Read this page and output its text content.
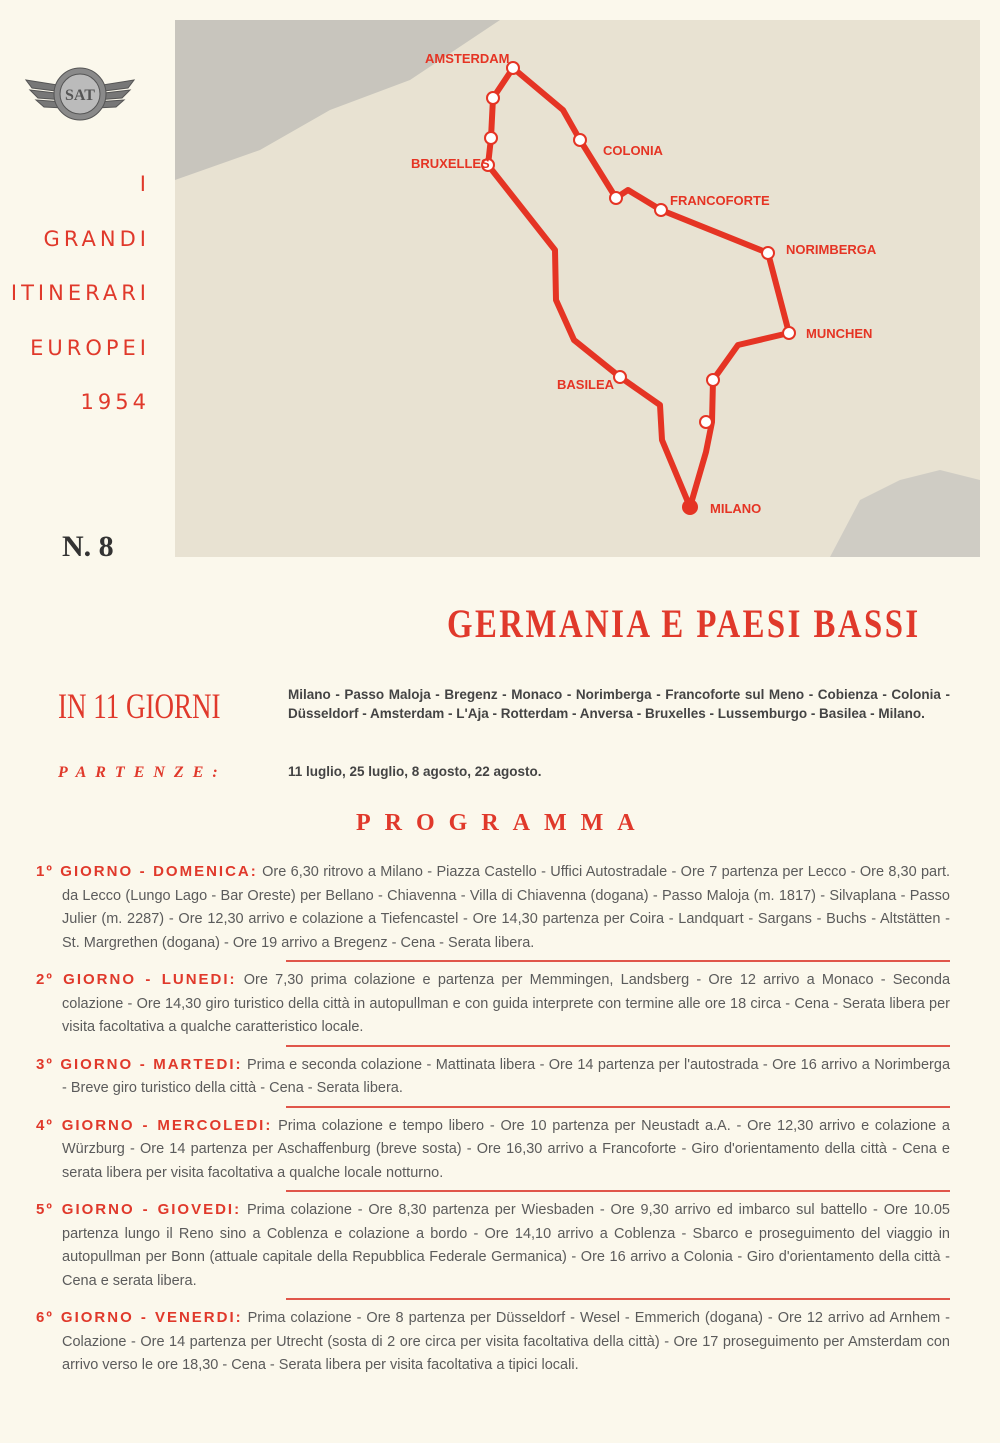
SAT
I
GRANDI
ITINERARI
EUROPEI
1954
N. 8
AMSTERDAM
COLONIA
BRUXELLES
FRANCOFORTE
NORIMBERGA
MUNCHEN
BASILEA
MILANO
GERMANIA E PAESI BASSI
IN 11 GIORNI	Milano - Passo Maloja - Bregenz - Monaco - Norimberga - Francoforte sul Meno - Cobienza - Colonia - Düsseldorf - Amsterdam - L'Aja - Rotterdam - Anversa - Bruxelles - Lussemburgo - Basilea - Milano.
PARTENZE:	11 luglio, 25 luglio, 8 agosto, 22 agosto.
PROGRAMMA
1º GIORNO - DOMENICA: Ore 6,30 ritrovo a Milano - Piazza Castello - Uffici Autostradale - Ore 7 partenza per Lecco - Ore 8,30 part. da Lecco (Lungo Lago - Bar Oreste) per Bellano - Chiavenna - Villa di Chiavenna (dogana) - Passo Maloja (m. 1817) - Silvaplana - Passo Julier (m. 2287) - Ore 12,30 arrivo e colazione a Tiefencastel - Ore 14,30 partenza per Coira - Landquart - Sargans - Buchs - Altstätten - St. Margrethen (dogana) - Ore 19 arrivo a Bregenz - Cena - Serata libera.
2º GIORNO - LUNEDI: Ore 7,30 prima colazione e partenza per Memmingen, Landsberg - Ore 12 arrivo a Monaco - Seconda colazione - Ore 14,30 giro turistico della città in autopullman e con guida interprete con termine alle ore 18 circa - Cena - Serata libera per visita facoltativa a qualche caratteristico locale.
3º GIORNO - MARTEDI: Prima e seconda colazione - Mattinata libera - Ore 14 partenza per l'autostrada - Ore 16 arrivo a Norimberga - Breve giro turistico della città - Cena - Serata libera.
4º GIORNO - MERCOLEDI: Prima colazione e tempo libero - Ore 10 partenza per Neustadt a.A. - Ore 12,30 arrivo e colazione a Würzburg - Ore 14 partenza per Aschaffenburg (breve sosta) - Ore 16,30 arrivo a Francoforte - Giro d'orientamento della città - Cena e serata libera per visita facoltativa a qualche locale notturno.
5º GIORNO - GIOVEDI: Prima colazione - Ore 8,30 partenza per Wiesbaden - Ore 9,30 arrivo ed imbarco sul battello - Ore 10.05 partenza lungo il Reno sino a Coblenza e colazione a bordo - Ore 14,10 arrivo a Coblenza - Sbarco e proseguimento del viaggio in autopullman per Bonn (attuale capitale della Repubblica Federale Germanica) - Ore 16 arrivo a Colonia - Giro d'orientamento della città - Cena e serata libera.
6º GIORNO - VENERDI: Prima colazione - Ore 8 partenza per Düsseldorf - Wesel - Emmerich (dogana) - Ore 12 arrivo ad Arnhem - Colazione - Ore 14 partenza per Utrecht (sosta di 2 ore circa per visita facoltativa della città) - Ore 17 proseguimento per Amsterdam con arrivo verso le ore 18,30 - Cena - Serata libera per visita facoltativa a tipici locali.
